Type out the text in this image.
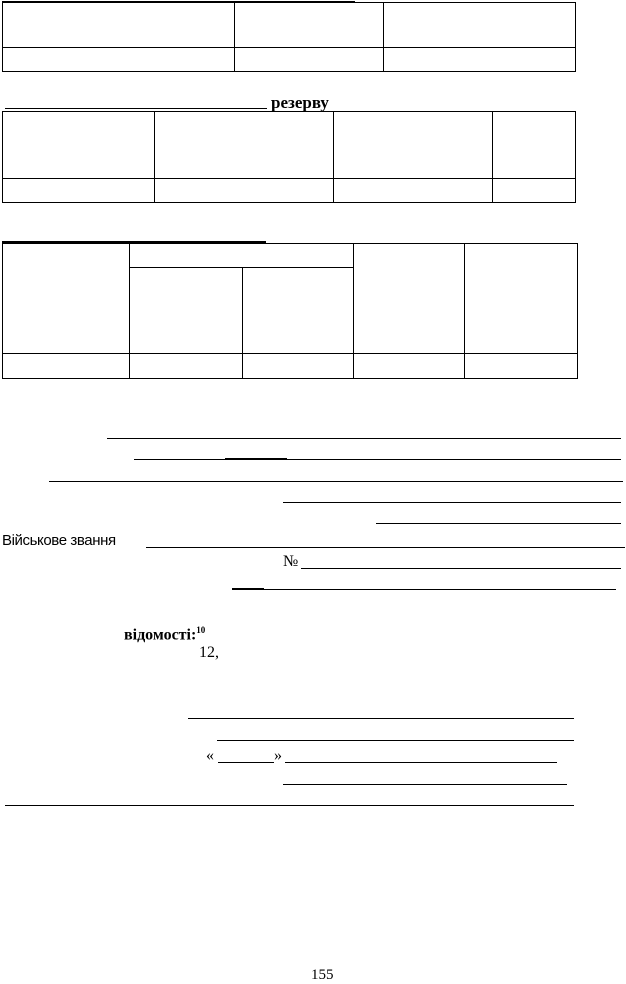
резерву
Військове звання
№
відомості:$^{10}$
12,
«	»
155
